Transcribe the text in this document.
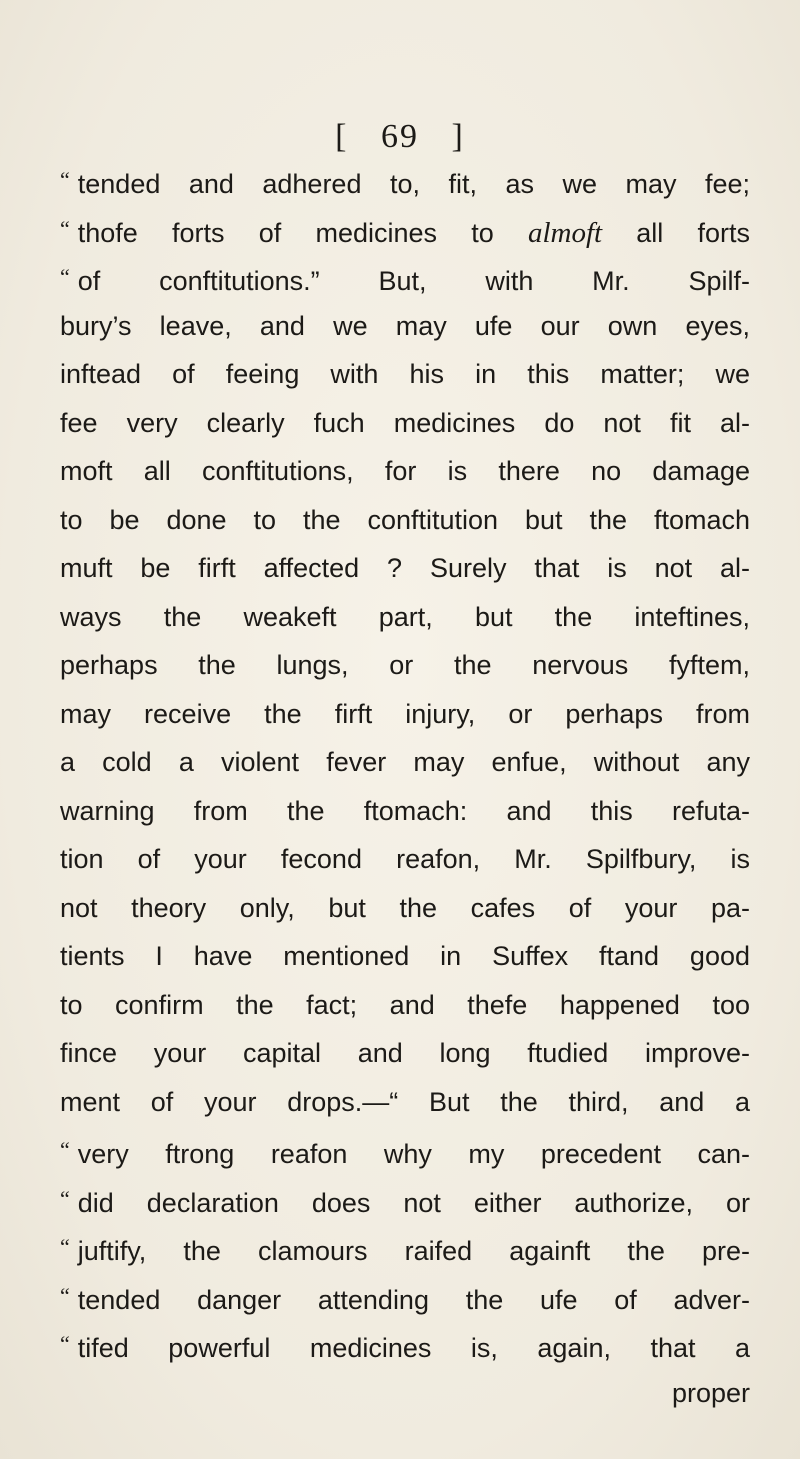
[ 69 ]
“ tended and adhered to, fit, as we may fee;
“ thofe forts of medicines to almoft all forts
“ of conftitutions.” But, with Mr. Spilf-
bury’s leave, and we may ufe our own eyes,
inftead of feeing with his in this matter; we
fee very clearly fuch medicines do not fit al-
moft all conftitutions, for is there no damage
to be done to the conftitution but the ftomach
muft be firft affected ? Surely that is not al-
ways the weakeft part, but the inteftines,
perhaps the lungs, or the nervous fyftem,
may receive the firft injury, or perhaps from
a cold a violent fever may enfue, without any
warning from the ftomach: and this refuta-
tion of your fecond reafon, Mr. Spilfbury, is
not theory only, but the cafes of your pa-
tients I have mentioned in Suffex ftand good
to confirm the fact; and thefe happened too
fince your capital and long ftudied improve-
ment of your drops.—“ But the third, and a
“ very ftrong reafon why my precedent can-
“ did declaration does not either authorize, or
“ juftify, the clamours raifed againft the pre-
“ tended danger attending the ufe of adver-
“ tifed powerful medicines is, again, that a
proper
